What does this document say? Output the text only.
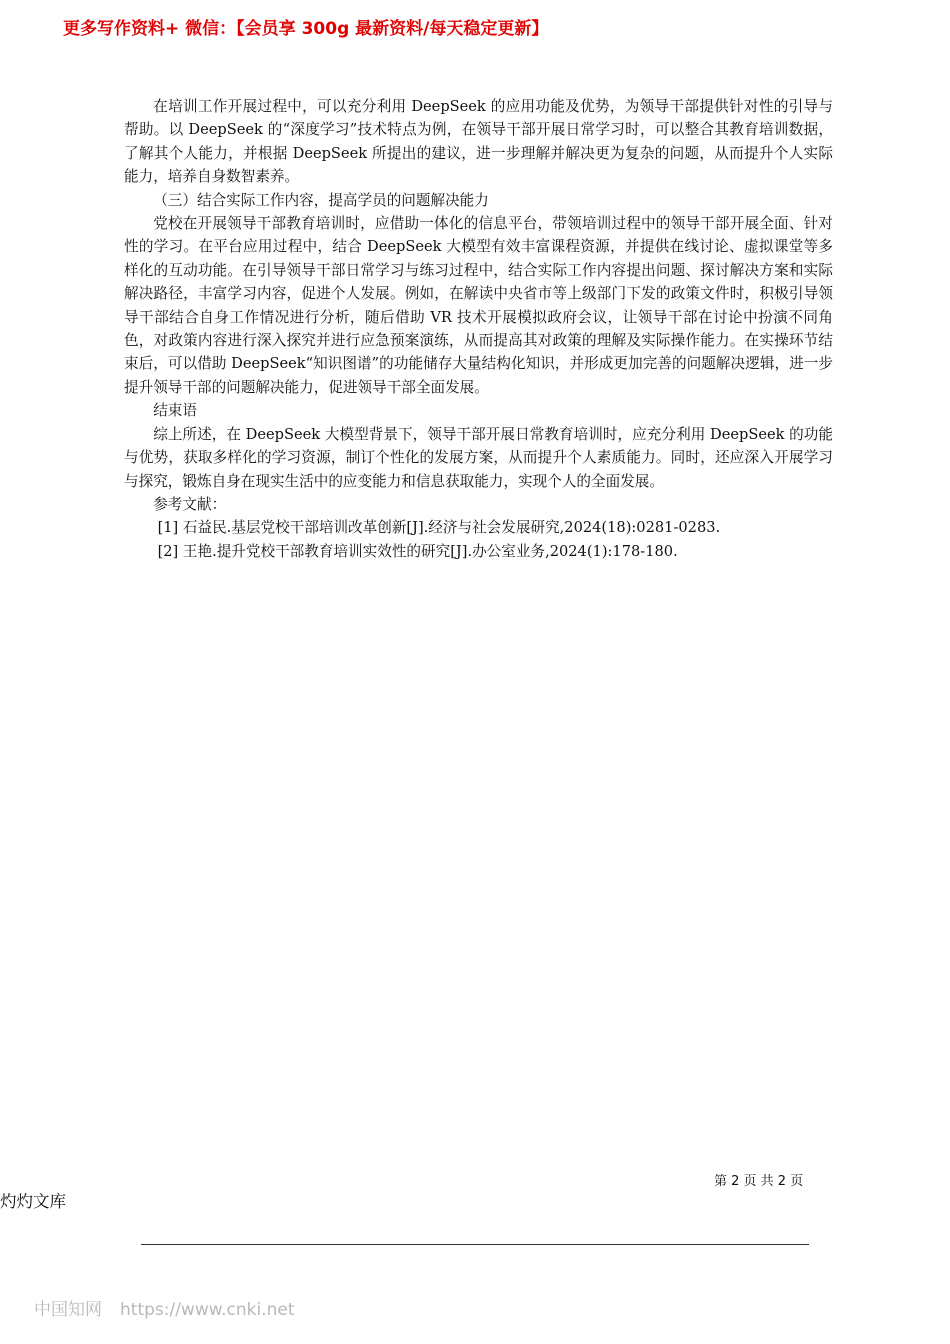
更多写作资料+ 微信：【会员享 300g 最新资料/每天稳定更新】

在培训工作开展过程中，可以充分利用 DeepSeek 的应用功能及优势，为领导干部提供针对性的引导与帮助。以 DeepSeek 的“深度学习”技术特点为例，在领导干部开展日常学习时，可以整合其教育培训数据，了解其个人能力，并根据 DeepSeek 所提出的建议，进一步理解并解决更为复杂的问题，从而提升个人实际能力，培养自身数智素养。

（三）结合实际工作内容，提高学员的问题解决能力

党校在开展领导干部教育培训时，应借助一体化的信息平台，带领培训过程中的领导干部开展全面、针对性的学习。在平台应用过程中，结合 DeepSeek 大模型有效丰富课程资源，并提供在线讨论、虚拟课堂等多样化的互动功能。在引导领导干部日常学习与练习过程中，结合实际工作内容提出问题、探讨解决方案和实际解决路径，丰富学习内容，促进个人发展。例如，在解读中央省市等上级部门下发的政策文件时，积极引导领导干部结合自身工作情况进行分析，随后借助 VR 技术开展模拟政府会议，让领导干部在讨论中扮演不同角色，对政策内容进行深入探究并进行应急预案演练，从而提高其对政策的理解及实际操作能力。在实操环节结束后，可以借助 DeepSeek“知识图谱”的功能储存大量结构化知识，并形成更加完善的问题解决逻辑，进一步提升领导干部的问题解决能力，促进领导干部全面发展。

结束语

综上所述，在 DeepSeek 大模型背景下，领导干部开展日常教育培训时，应充分利用 DeepSeek 的功能与优势，获取多样化的学习资源，制订个性化的发展方案，从而提升个人素质能力。同时，还应深入开展学习与探究，锻炼自身在现实生活中的应变能力和信息获取能力，实现个人的全面发展。

参考文献：

[1] 石益民.基层党校干部培训改革创新[J].经济与社会发展研究,2024(18):0281-0283.

[2] 王艳.提升党校干部教育培训实效性的研究[J].办公室业务,2024(1):178-180.

第 2 页 共 2 页
灼灼文库
中国知网 https://www.cnki.net
